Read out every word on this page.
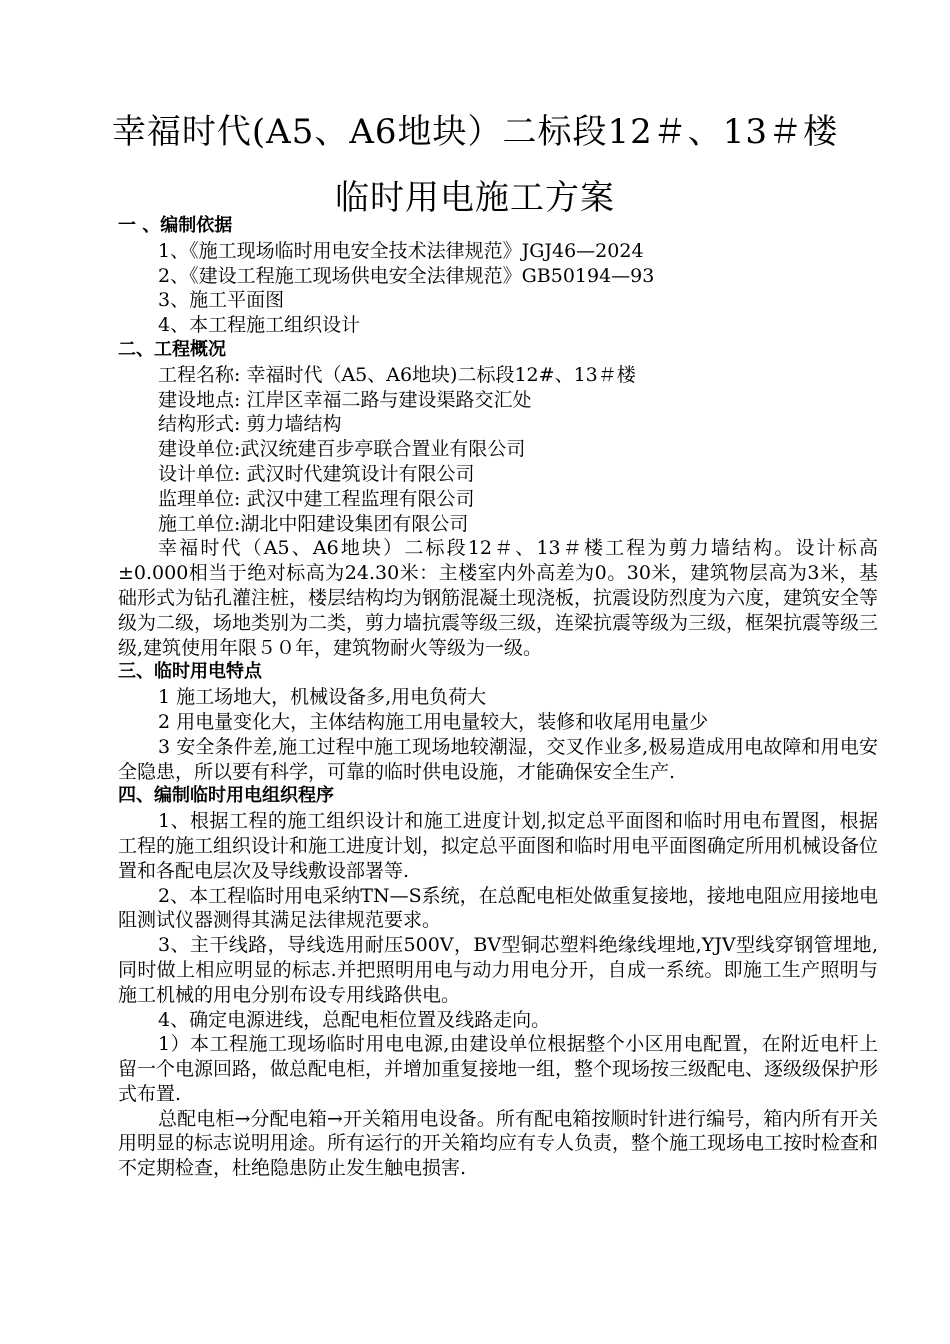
幸福时代(A5、A6地块）二标段12＃、13＃楼
临时用电施工方案
一 、编制依据
1、《施工现场临时用电安全技术法律规范》JGJ46—2024
2、《建设工程施工现场供电安全法律规范》GB50194—93
3、施工平面图
4、本工程施工组织设计
二、工程概况
工程名称: 幸福时代（A5、A6地块)二标段12#、13＃楼
建设地点: 江岸区幸福二路与建设渠路交汇处
结构形式: 剪力墙结构
建设单位:武汉统建百步亭联合置业有限公司
设计单位: 武汉时代建筑设计有限公司
监理单位: 武汉中建工程监理有限公司
施工单位:湖北中阳建设集团有限公司
幸福时代（A5、A6地块）二标段12＃、13＃楼工程为剪力墙结构。设计标高±0.000相当于绝对标高为24.30米：主楼室内外高差为0。30米，建筑物层高为3米，基础形式为钻孔灌注桩，楼层结构均为钢筋混凝土现浇板，抗震设防烈度为六度，建筑安全等级为二级，场地类别为二类，剪力墙抗震等级三级，连梁抗震等级为三级，框架抗震等级三级,建筑使用年限５０年，建筑物耐火等级为一级。
三、临时用电特点
1 施工场地大，机械设备多,用电负荷大
2 用电量变化大，主体结构施工用电量较大，装修和收尾用电量少
3 安全条件差,施工过程中施工现场地较潮湿，交叉作业多,极易造成用电故障和用电安全隐患，所以要有科学，可靠的临时供电设施，才能确保安全生产.
四、编制临时用电组织程序
1、根据工程的施工组织设计和施工进度计划,拟定总平面图和临时用电布置图，根据工程的施工组织设计和施工进度计划，拟定总平面图和临时用电平面图确定所用机械设备位置和各配电层次及导线敷设部署等.
2、本工程临时用电采纳TN—S系统，在总配电柜处做重复接地，接地电阻应用接地电阻测试仪器测得其满足法律规范要求。
3、主干线路，导线选用耐压500V，BV型铜芯塑料绝缘线埋地,YJV型线穿钢管埋地,同时做上相应明显的标志.并把照明用电与动力用电分开，自成一系统。即施工生产照明与施工机械的用电分别布设专用线路供电。
4、确定电源进线，总配电柜位置及线路走向。
1）本工程施工现场临时用电电源,由建设单位根据整个小区用电配置，在附近电杆上留一个电源回路，做总配电柜，并增加重复接地一组，整个现场按三级配电、逐级级保护形式布置.
总配电柜→分配电箱→开关箱用电设备。所有配电箱按顺时针进行编号，箱内所有开关用明显的标志说明用途。所有运行的开关箱均应有专人负责，整个施工现场电工按时检查和不定期检查，杜绝隐患防止发生触电损害.
